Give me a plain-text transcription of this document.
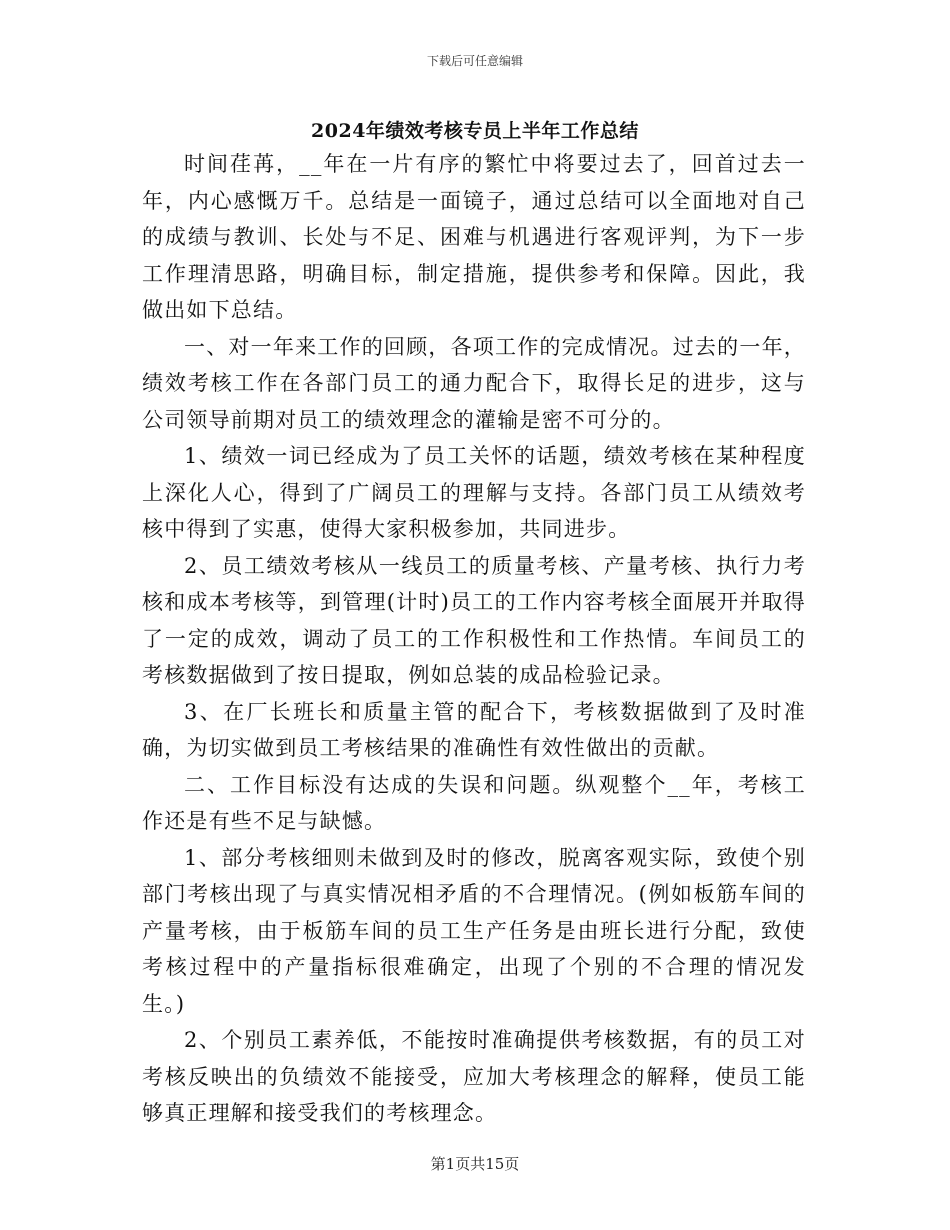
下载后可任意编辑
2024年绩效考核专员上半年工作总结

时间荏苒，__年在一片有序的繁忙中将要过去了，回首过去一年，内心感慨万千。总结是一面镜子，通过总结可以全面地对自己的成绩与教训、长处与不足、困难与机遇进行客观评判，为下一步工作理清思路，明确目标，制定措施，提供参考和保障。因此，我做出如下总结。

一、对一年来工作的回顾，各项工作的完成情况。过去的一年，绩效考核工作在各部门员工的通力配合下，取得长足的进步，这与公司领导前期对员工的绩效理念的灌输是密不可分的。

1、绩效一词已经成为了员工关怀的话题，绩效考核在某种程度上深化人心，得到了广阔员工的理解与支持。各部门员工从绩效考核中得到了实惠，使得大家积极参加，共同进步。

2、员工绩效考核从一线员工的质量考核、产量考核、执行力考核和成本考核等，到管理(计时)员工的工作内容考核全面展开并取得了一定的成效，调动了员工的工作积极性和工作热情。车间员工的考核数据做到了按日提取，例如总装的成品检验记录。

3、在厂长班长和质量主管的配合下，考核数据做到了及时准确，为切实做到员工考核结果的准确性有效性做出的贡献。

二、工作目标没有达成的失误和问题。纵观整个__年，考核工作还是有些不足与缺憾。

1、部分考核细则未做到及时的修改，脱离客观实际，致使个别部门考核出现了与真实情况相矛盾的不合理情况。(例如板筋车间的产量考核，由于板筋车间的员工生产任务是由班长进行分配，致使考核过程中的产量指标很难确定，出现了个别的不合理的情况发生。)

2、个别员工素养低，不能按时准确提供考核数据，有的员工对考核反映出的负绩效不能接受，应加大考核理念的解释，使员工能够真正理解和接受我们的考核理念。

第1页共15页
